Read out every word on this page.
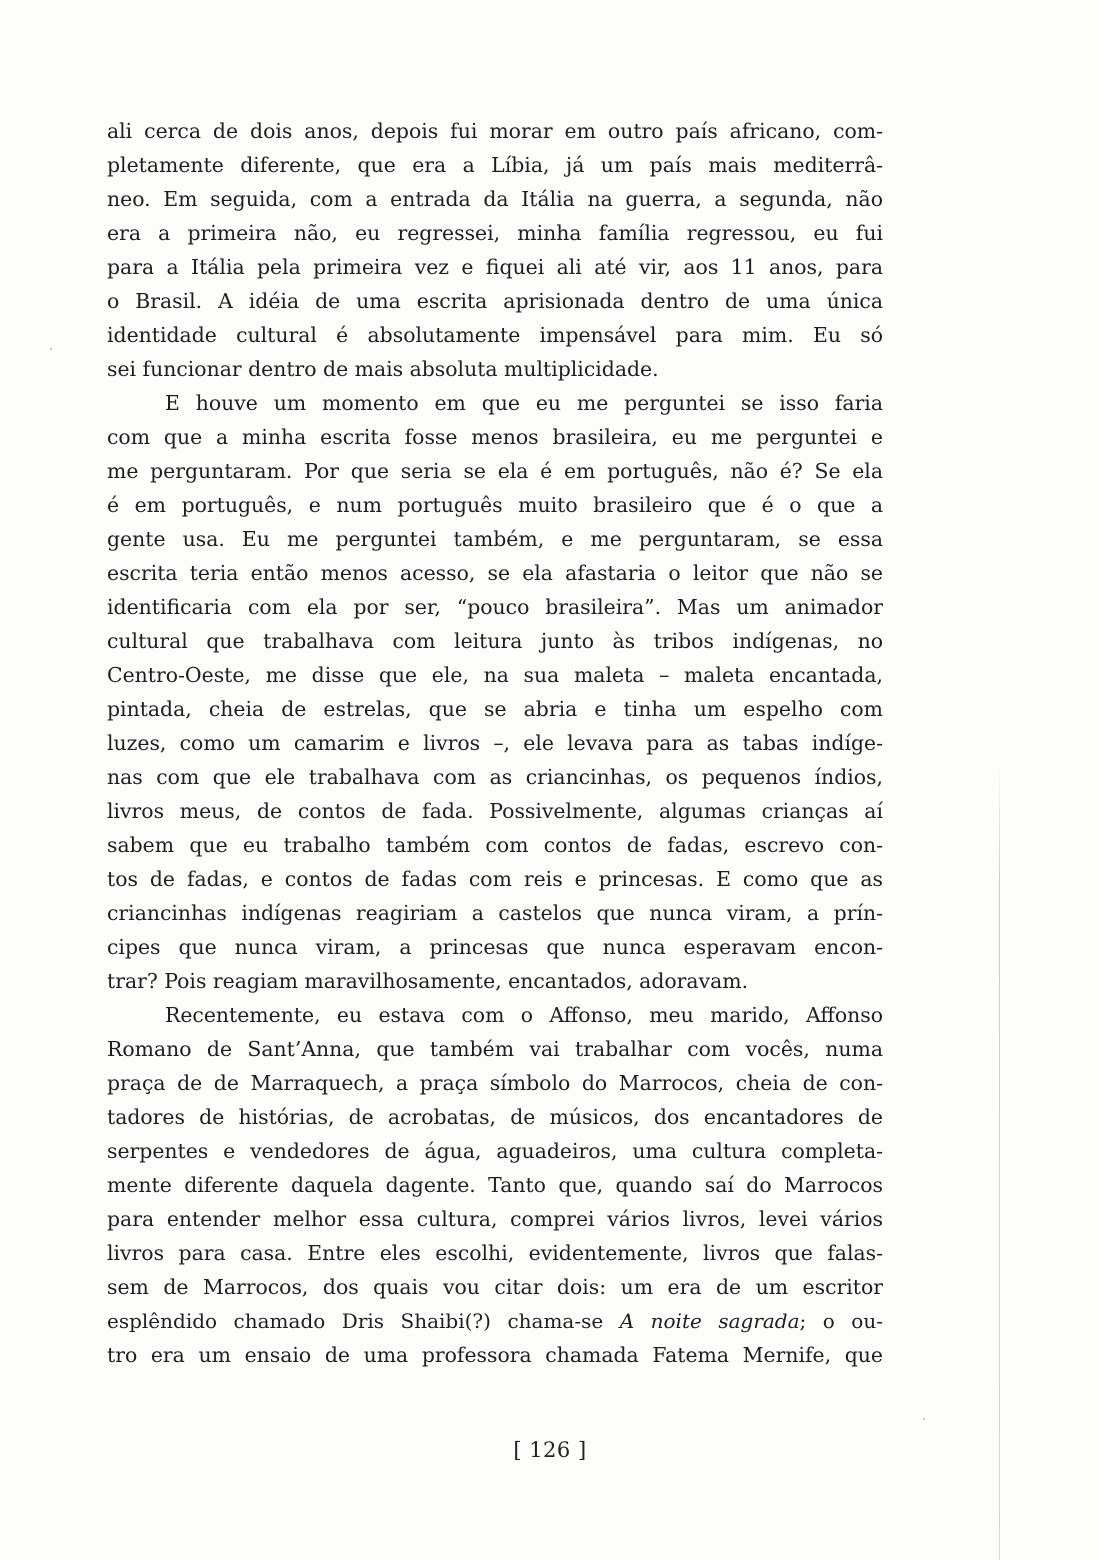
ali cerca de dois anos, depois fui morar em outro país africano, com-
pletamente diferente, que era a Líbia, já um país mais mediterrâ-
neo. Em seguida, com a entrada da Itália na guerra, a segunda, não
era a primeira não, eu regressei, minha família regressou, eu fui
para a Itália pela primeira vez e fiquei ali até vir, aos 11 anos, para
o Brasil. A idéia de uma escrita aprisionada dentro de uma única
identidade cultural é absolutamente impensável para mim. Eu só
sei funcionar dentro de mais absoluta multiplicidade.
E houve um momento em que eu me perguntei se isso faria
com que a minha escrita fosse menos brasileira, eu me perguntei e
me perguntaram. Por que seria se ela é em português, não é? Se ela
é em português, e num português muito brasileiro que é o que a
gente usa. Eu me perguntei também, e me perguntaram, se essa
escrita teria então menos acesso, se ela afastaria o leitor que não se
identificaria com ela por ser, “pouco brasileira”. Mas um animador
cultural que trabalhava com leitura junto às tribos indígenas, no
Centro-Oeste, me disse que ele, na sua maleta – maleta encantada,
pintada, cheia de estrelas, que se abria e tinha um espelho com
luzes, como um camarim e livros –, ele levava para as tabas indíge-
nas com que ele trabalhava com as criancinhas, os pequenos índios,
livros meus, de contos de fada. Possivelmente, algumas crianças aí
sabem que eu trabalho também com contos de fadas, escrevo con-
tos de fadas, e contos de fadas com reis e princesas. E como que as
criancinhas indígenas reagiriam a castelos que nunca viram, a prín-
cipes que nunca viram, a princesas que nunca esperavam encon-
trar? Pois reagiam maravilhosamente, encantados, adoravam.
Recentemente, eu estava com o Affonso, meu marido, Affonso
Romano de Sant’Anna, que também vai trabalhar com vocês, numa
praça de de Marraquech, a praça símbolo do Marrocos, cheia de con-
tadores de histórias, de acrobatas, de músicos, dos encantadores de
serpentes e vendedores de água, aguadeiros, uma cultura completa-
mente diferente daquela dagente. Tanto que, quando saí do Marrocos
para entender melhor essa cultura, comprei vários livros, levei vários
livros para casa. Entre eles escolhi, evidentemente, livros que falas-
sem de Marrocos, dos quais vou citar dois: um era de um escritor
esplêndido chamado Dris Shaibi(?) chama-se A noite sagrada; o ou-
tro era um ensaio de uma professora chamada Fatema Mernife, que
[ 126 ]
